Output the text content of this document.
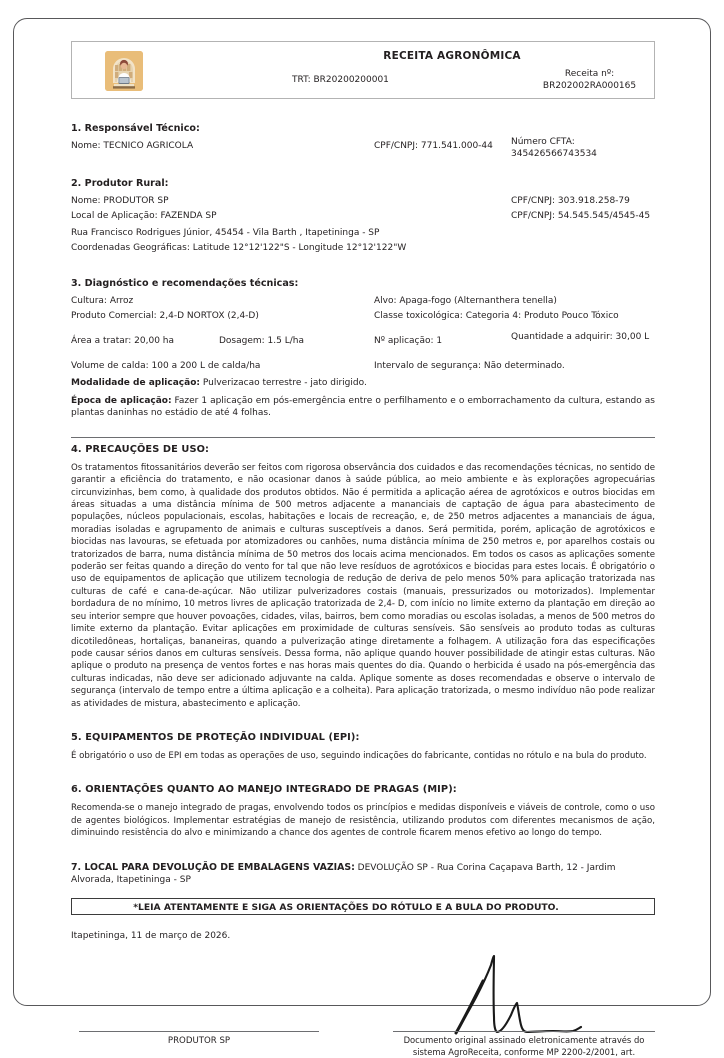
RECEITA AGRONÔMICA
TRT: BR20200200001
Receita nº:
BR202002RA000165
1. Responsável Técnico:
Nome: TECNICO AGRICOLA	CPF/CNPJ: 771.541.000-44 Número CFTA:
345426566743534
2. Produtor Rural:
Nome: PRODUTOR SP	CPF/CNPJ: 303.918.258-79
Local de Aplicação: FAZENDA SP	CPF/CNPJ: 54.545.545/4545-45

Rua Francisco Rodrigues Júnior, 45454 - Vila Barth , Itapetininga - SP

Coordenadas Geográficas: Latitude 12°12'122"S - Longitude 12°12'122"W

3. Diagnóstico e recomendações técnicas:
Cultura: Arroz	Alvo: Apaga-fogo (Alternanthera tenella)
Produto Comercial: 2,4-D NORTOX (2,4-D)	Classe toxicológica: Categoria 4: Produto Pouco Tóxico
Área a tratar: 20,00 ha	Dosagem: 1.5 L/ha	Nº aplicação: 1	Quantidade a adquirir: 30,00 L
Volume de calda: 100 a 200 L de calda/ha	Intervalo de segurança: Não determinado.

Modalidade de aplicação: Pulverizacao terrestre - jato dirigido.

Época de aplicação: Fazer 1 aplicação em pós-emergência entre o perfilhamento e o emborrachamento da cultura, estando as plantas daninhas no estádio de até 4 folhas.

4. PRECAUÇÕES DE USO:

Os tratamentos fitossanitários deverão ser feitos com rigorosa observância dos cuidados e das recomendações técnicas, no sentido de garantir a eficiência do tratamento, e não ocasionar danos à saúde pública, ao meio ambiente e às explorações agropecuárias circunvizinhas, bem como, à qualidade dos produtos obtidos. Não é permitida a aplicação aérea de agrotóxicos e outros biocidas em áreas situadas a uma distância mínima de 500 metros adjacente a mananciais de captação de água para abastecimento de populações, núcleos populacionais, escolas, habitações e locais de recreação, e, de 250 metros adjacentes a mananciais de água, moradias isoladas e agrupamento de animais e culturas susceptíveis a danos. Será permitida, porém, aplicação de agrotóxicos e biocidas nas lavouras, se efetuada por atomizadores ou canhões, numa distância mínima de 250 metros e, por aparelhos costais ou tratorizados de barra, numa distância mínima de 50 metros dos locais acima mencionados. Em todos os casos as aplicações somente poderão ser feitas quando a direção do vento for tal que não leve resíduos de agrotóxicos e biocidas para estes locais. É obrigatório o uso de equipamentos de aplicação que utilizem tecnologia de redução de deriva de pelo menos 50% para aplicação tratorizada nas culturas de café e cana-de-açúcar. Não utilizar pulverizadores costais (manuais, pressurizados ou motorizados). Implementar bordadura de no mínimo, 10 metros livres de aplicação tratorizada de 2,4- D, com início no limite externo da plantação em direção ao seu interior sempre que houver povoações, cidades, vilas, bairros, bem como moradias ou escolas isoladas, a menos de 500 metros do limite externo da plantação. Evitar aplicações em proximidade de culturas sensíveis. São sensíveis ao produto todas as culturas dicotiledôneas, hortaliças, bananeiras, quando a pulverização atinge diretamente a folhagem. A utilização fora das especificações pode causar sérios danos em culturas sensíveis. Dessa forma, não aplique quando houver possibilidade de atingir estas culturas. Não aplique o produto na presença de ventos fortes e nas horas mais quentes do dia. Quando o herbicida é usado na pós-emergência das culturas indicadas, não deve ser adicionado adjuvante na calda. Aplique somente as doses recomendadas e observe o intervalo de segurança (intervalo de tempo entre a última aplicação e a colheita). Para aplicação tratorizada, o mesmo indivíduo não pode realizar as atividades de mistura, abastecimento e aplicação.

5. EQUIPAMENTOS DE PROTEÇÃO INDIVIDUAL (EPI):

É obrigatório o uso de EPI em todas as operações de uso, seguindo indicações do fabricante, contidas no rótulo e na bula do produto.

6. ORIENTAÇÕES QUANTO AO MANEJO INTEGRADO DE PRAGAS (MIP):

Recomenda-se o manejo integrado de pragas, envolvendo todos os princípios e medidas disponíveis e viáveis de controle, como o uso de agentes biológicos. Implementar estratégias de manejo de resistência, utilizando produtos com diferentes mecanismos de ação, diminuindo resistência do alvo e minimizando a chance dos agentes de controle ficarem menos efetivo ao longo do tempo.

7. LOCAL PARA DEVOLUÇÃO DE EMBALAGENS VAZIAS: DEVOLUÇÃO SP - Rua Corina Caçapava Barth, 12 - Jardim Alvorada, Itapetininga - SP

*LEIA ATENTAMENTE E SIGA AS ORIENTAÇÕES DO RÓTULO E A BULA DO PRODUTO.
Itapetininga, 11 de março de 2026.
PRODUTOR SP	Documento original assinado eletronicamente através do sistema AgroReceita, conforme MP 2200-2/2001, art.
